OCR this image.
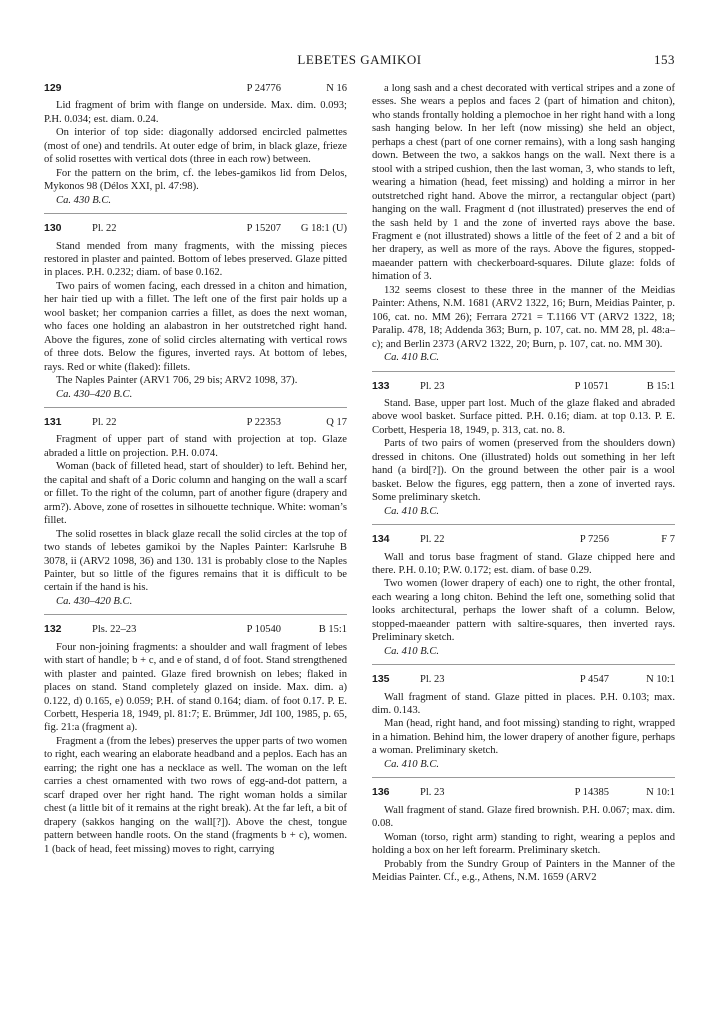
LEBETES GAMIKOI	153
129	P 24776	N 16

Lid fragment of brim with flange on underside. Max. dim. 0.093; P.H. 0.034; est. diam. 0.24.

On interior of top side: diagonally addorsed encircled palmettes (most of one) and tendrils. At outer edge of brim, in black glaze, frieze of solid rosettes with vertical dots (three in each row) between.

For the pattern on the brim, cf. the lebes-gamikos lid from Delos, Mykonos 98 (Délos XXI, pl. 47:98).

Ca. 430 B.C.

130	Pl. 22	P 15207	G 18:1 (U)

Stand mended from many fragments, with the missing pieces restored in plaster and painted. Bottom of lebes preserved. Glaze pitted in places. P.H. 0.232; diam. of base 0.162.

Two pairs of women facing, each dressed in a chiton and himation, her hair tied up with a fillet. The left one of the first pair holds up a wool basket; her companion carries a fillet, as does the next woman, who faces one holding an alabastron in her outstretched right hand. Above the figures, zone of solid circles alternating with vertical rows of three dots. Below the figures, inverted rays. At bottom of lebes, rays. Red or white (flaked): fillets.

The Naples Painter (ARV1 706, 29 bis; ARV2 1098, 37).

Ca. 430–420 B.C.

131	Pl. 22	P 22353	Q 17

Fragment of upper part of stand with projection at top. Glaze abraded a little on projection. P.H. 0.074.

Woman (back of filleted head, start of shoulder) to left. Behind her, the capital and shaft of a Doric column and hanging on the wall a scarf or fillet. To the right of the column, part of another figure (drapery and arm?). Above, zone of rosettes in silhouette technique. White: woman’s fillet.

The solid rosettes in black glaze recall the solid circles at the top of two stands of lebetes gamikoi by the Naples Painter: Karlsruhe B 3078, ii (ARV2 1098, 36) and 130. 131 is probably close to the Naples Painter, but so little of the figures remains that it is difficult to be certain if the hand is his.

Ca. 430–420 B.C.

132	Pls. 22–23	P 10540	B 15:1

Four non-joining fragments: a shoulder and wall fragment of lebes with start of handle; b + c, and e of stand, d of foot. Stand strengthened with plaster and painted. Glaze fired brownish on lebes; flaked in places on stand. Stand completely glazed on inside. Max. dim. a) 0.122, d) 0.165, e) 0.059; P.H. of stand 0.164; diam. of foot 0.17. P. E. Corbett, Hesperia 18, 1949, pl. 81:7; E. Brümmer, JdI 100, 1985, p. 65, fig. 21:a (fragment a).

Fragment a (from the lebes) preserves the upper parts of two women to right, each wearing an elaborate headband and a peplos. Each has an earring; the right one has a necklace as well. The woman on the left carries a chest ornamented with two rows of egg-and-dot pattern, a scarf draped over her right hand. The right woman holds a similar chest (a little bit of it remains at the right break). At the far left, a bit of drapery (sakkos hanging on the wall[?]). Above the chest, tongue pattern between handle roots. On the stand (fragments b + c), women. 1 (back of head, feet missing) moves to right, carrying

a long sash and a chest decorated with vertical stripes and a zone of esses. She wears a peplos and faces 2 (part of himation and chiton), who stands frontally holding a plemochoe in her right hand with a long sash hanging below. In her left (now missing) she held an object, perhaps a chest (part of one corner remains), with a long sash hanging down. Between the two, a sakkos hangs on the wall. Next there is a stool with a striped cushion, then the last woman, 3, who stands to left, wearing a himation (head, feet missing) and holding a mirror in her outstretched right hand. Above the mirror, a rectangular object (part) hanging on the wall. Fragment d (not illustrated) preserves the end of the sash held by 1 and the zone of inverted rays above the base. Fragment e (not illustrated) shows a little of the feet of 2 and a bit of her drapery, as well as more of the rays. Above the figures, stopped-maeander pattern with checkerboard-squares. Dilute glaze: folds of himation of 3.

132 seems closest to these three in the manner of the Meidias Painter: Athens, N.M. 1681 (ARV2 1322, 16; Burn, Meidias Painter, p. 106, cat. no. MM 26); Ferrara 2721 = T.1166 VT (ARV2 1322, 18; Paralip. 478, 18; Addenda 363; Burn, p. 107, cat. no. MM 28, pl. 48:a–c); and Berlin 2373 (ARV2 1322, 20; Burn, p. 107, cat. no. MM 30).

Ca. 410 B.C.

133	Pl. 23	P 10571	B 15:1

Stand. Base, upper part lost. Much of the glaze flaked and abraded above wool basket. Surface pitted. P.H. 0.16; diam. at top 0.13. P. E. Corbett, Hesperia 18, 1949, p. 313, cat. no. 8.

Parts of two pairs of women (preserved from the shoulders down) dressed in chitons. One (illustrated) holds out something in her left hand (a bird[?]). On the ground between the other pair is a wool basket. Below the figures, egg pattern, then a zone of inverted rays. Some preliminary sketch.

Ca. 410 B.C.

134	Pl. 22	P 7256	F 7

Wall and torus base fragment of stand. Glaze chipped here and there. P.H. 0.10; P.W. 0.172; est. diam. of base 0.29.

Two women (lower drapery of each) one to right, the other frontal, each wearing a long chiton. Behind the left one, something solid that looks architectural, perhaps the lower shaft of a column. Below, stopped-maeander pattern with saltire-squares, then inverted rays. Preliminary sketch.

Ca. 410 B.C.

135	Pl. 23	P 4547	N 10:1

Wall fragment of stand. Glaze pitted in places. P.H. 0.103; max. dim. 0.143.

Man (head, right hand, and foot missing) standing to right, wrapped in a himation. Behind him, the lower drapery of another figure, perhaps a woman. Preliminary sketch.

Ca. 410 B.C.

136	Pl. 23	P 14385	N 10:1

Wall fragment of stand. Glaze fired brownish. P.H. 0.067; max. dim. 0.08.

Woman (torso, right arm) standing to right, wearing a peplos and holding a box on her left forearm. Preliminary sketch.

Probably from the Sundry Group of Painters in the Manner of the Meidias Painter. Cf., e.g., Athens, N.M. 1659 (ARV2
